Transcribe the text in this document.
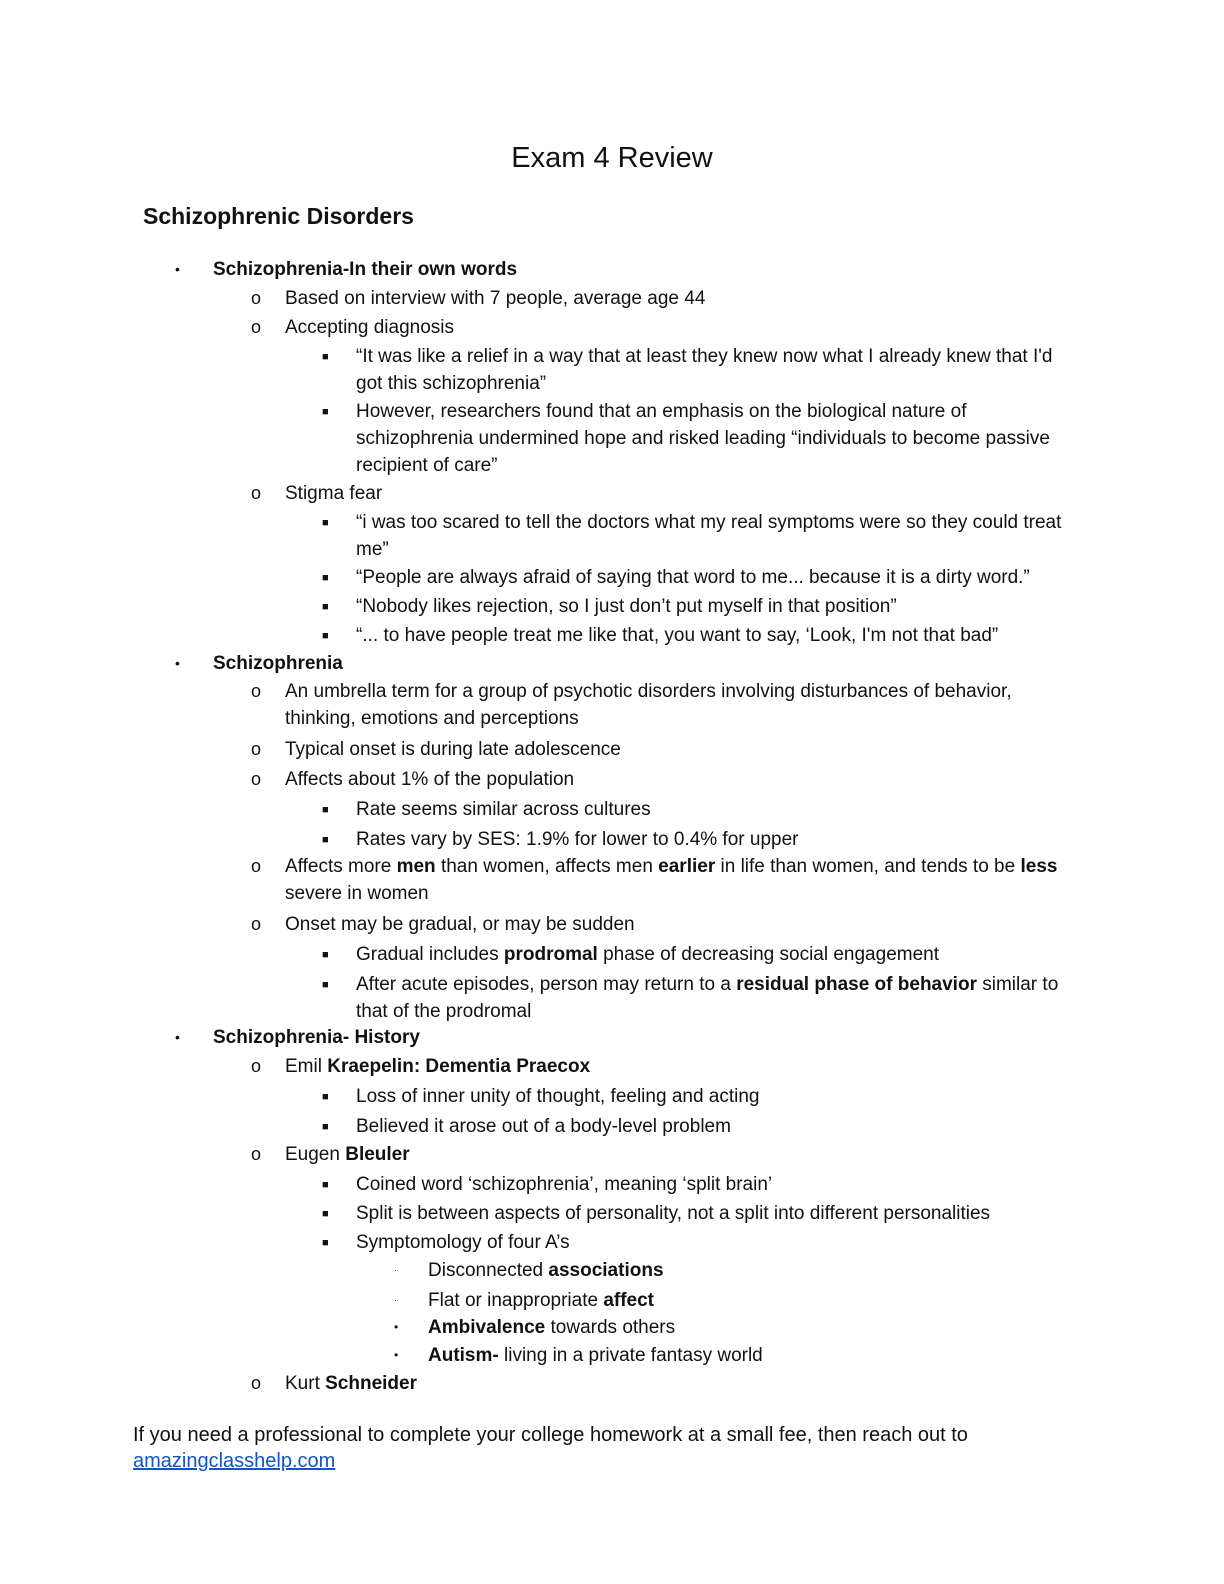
Exam 4 Review
Schizophrenic Disorders
• Schizophrenia-In their own words
o Based on interview with 7 people, average age 44
o Accepting diagnosis
■ “It was like a relief in a way that at least they knew now what I already knew that I'd got this schizophrenia”
■ However, researchers found that an emphasis on the biological nature of schizophrenia undermined hope and risked leading “individuals to become passive recipient of care”
o Stigma fear
■ “i was too scared to tell the doctors what my real symptoms were so they could treat me”
■ “People are always afraid of saying that word to me... because it is a dirty word.”
■ “Nobody likes rejection, so I just don’t put myself in that position”
■ “... to have people treat me like that, you want to say, ‘Look, I'm not that bad”
• Schizophrenia
o An umbrella term for a group of psychotic disorders involving disturbances of behavior, thinking, emotions and perceptions
o Typical onset is during late adolescence
o Affects about 1% of the population
■ Rate seems similar across cultures
■ Rates vary by SES: 1.9% for lower to 0.4% for upper
o Affects more men than women, affects men earlier in life than women, and tends to be less severe in women
o Onset may be gradual, or may be sudden
■ Gradual includes prodromal phase of decreasing social engagement
■ After acute episodes, person may return to a residual phase of behavior similar to that of the prodromal
• Schizophrenia- History
o Emil Kraepelin: Dementia Praecox
■ Loss of inner unity of thought, feeling and acting
■ Believed it arose out of a body-level problem
o Eugen Bleuler
■ Coined word ‘schizophrenia’, meaning ‘split brain’
■ Split is between aspects of personality, not a split into different personalities
■ Symptomology of four A’s
· Disconnected associations
· Flat or inappropriate affect
• Ambivalence towards others
• Autism- living in a private fantasy world
o Kurt Schneider

If you need a professional to complete your college homework at a small fee, then reach out to
amazingclasshelp.com
